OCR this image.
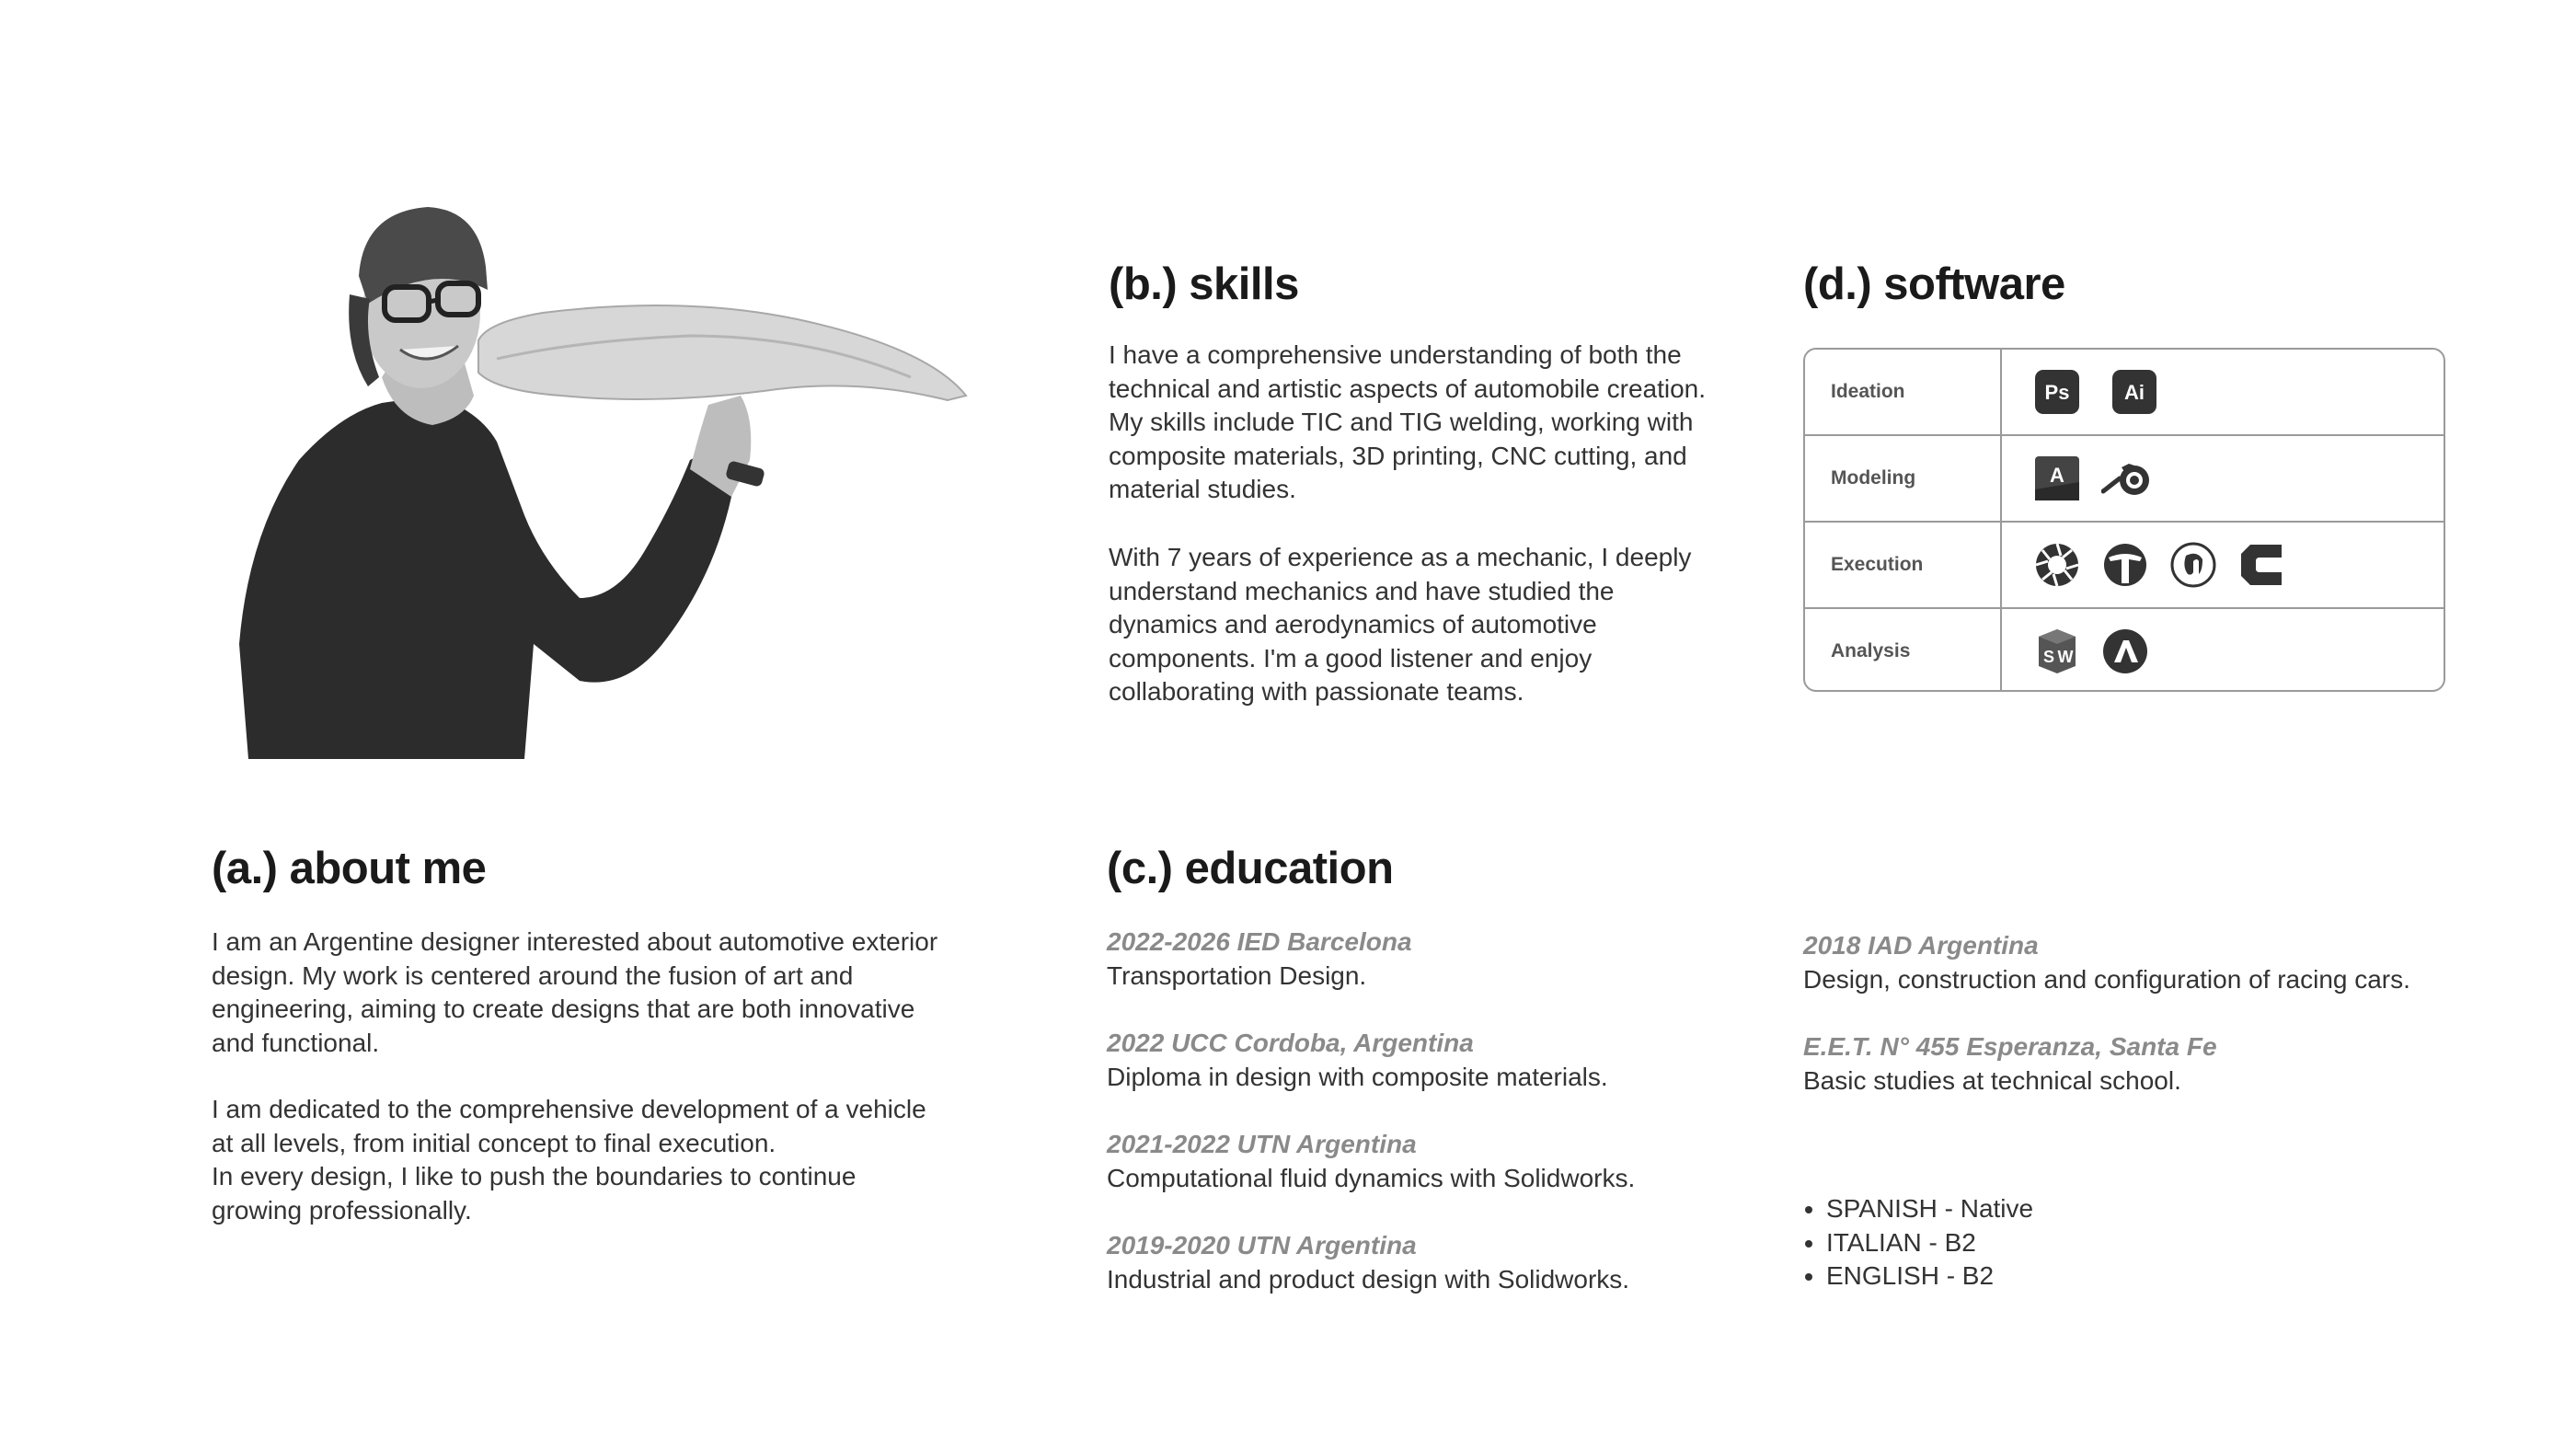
(a.) about me

I am an Argentine designer interested about automotive exterior
design. My work is centered around the fusion of art and
engineering, aiming to create designs that are both innovative
and functional.

I am dedicated to the comprehensive development of a vehicle
at all levels, from initial concept to final execution.
In every design, I like to push the boundaries to continue
growing professionally.

(b.) skills

I have a comprehensive understanding of both the
technical and artistic aspects of automobile creation.
My skills include TIC and TIG welding, working with
composite materials, 3D printing, CNC cutting, and
material studies.

With 7 years of experience as a mechanic, I deeply
understand mechanics and have studied the
dynamics and aerodynamics of automotive
components. I'm a good listener and enjoy
collaborating with passionate teams.

(c.) education

2022-2026 IED Barcelona

Transportation Design.

2022 UCC Cordoba, Argentina

Diploma in design with composite materials.

2021-2022 UTN Argentina

Computational fluid dynamics with Solidworks.

2019-2020 UTN Argentina

Industrial and product design with Solidworks.

2018 IAD Argentina

Design, construction and configuration of racing cars.

E.E.T. N° 455 Esperanza, Santa Fe

Basic studies at technical school.

• SPANISH - Native
• ITALIAN - B2
• ENGLISH - B2
(d.) software
Ideation	Ps	Ai
Modeling	A
Execution
Analysis	S W
